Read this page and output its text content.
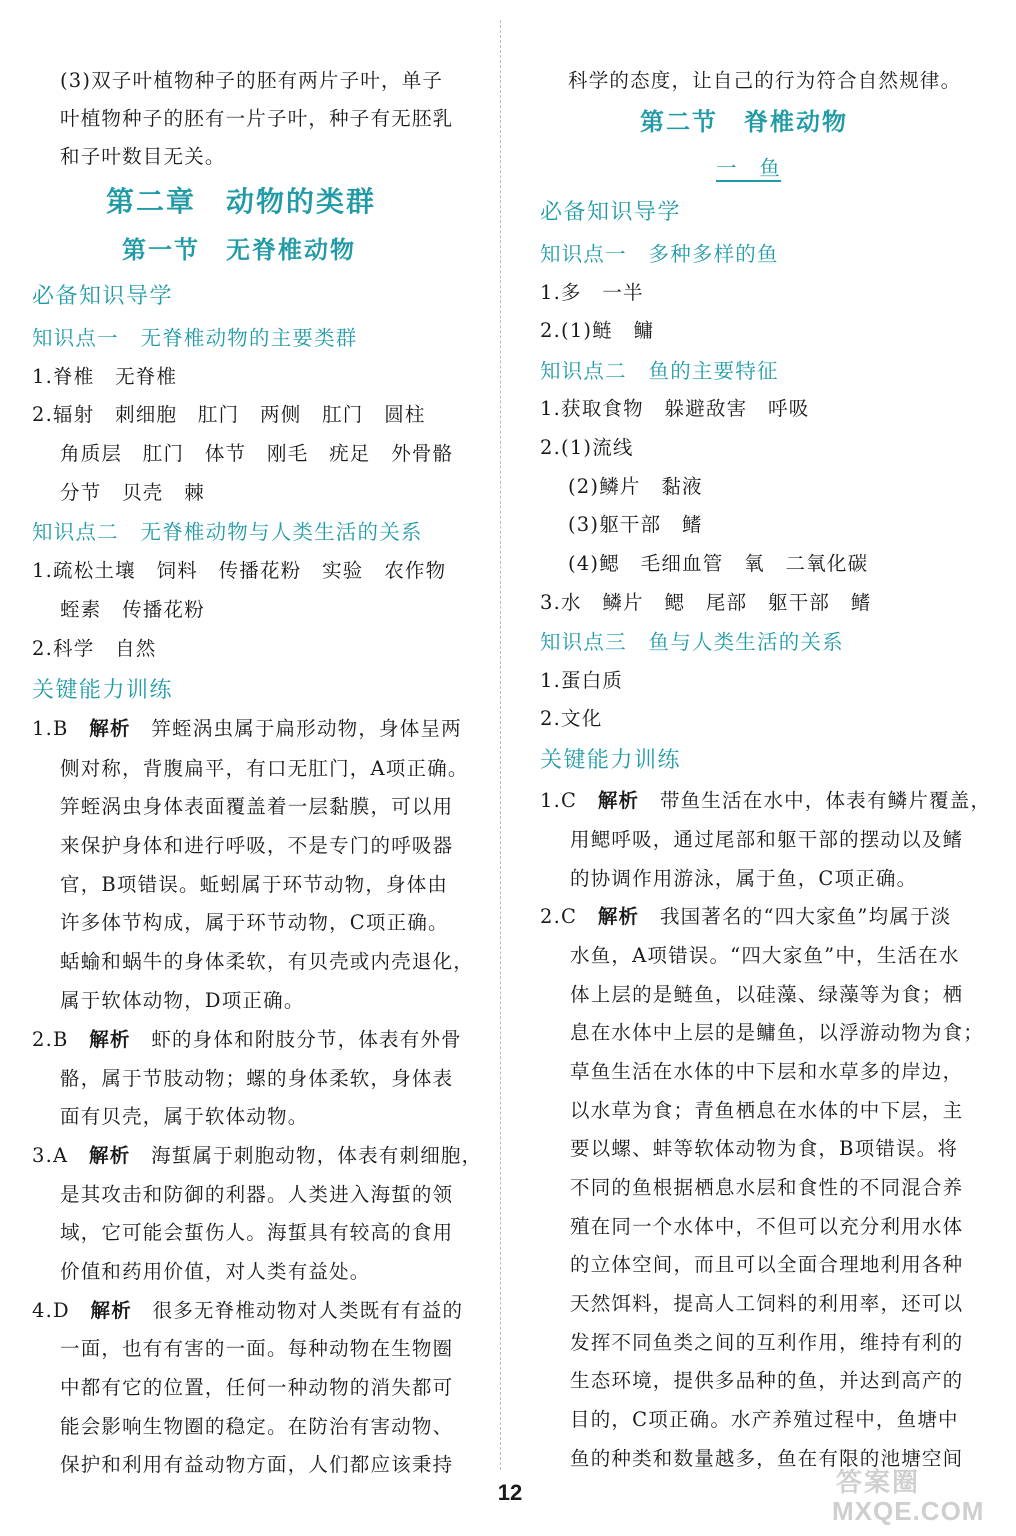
(3)双子叶植物种子的胚有两片子叶，单子
叶植物种子的胚有一片子叶，种子有无胚乳
和子叶数目无关。
第二章　动物的类群
第一节　无脊椎动物
必备知识导学
知识点一　无脊椎动物的主要类群
1.脊椎　无脊椎
2.辐射　刺细胞　肛门　两侧　肛门　圆柱
角质层　肛门　体节　刚毛　疣足　外骨骼
分节　贝壳　棘
知识点二　无脊椎动物与人类生活的关系
1.疏松土壤　饲料　传播花粉　实验　农作物
蛭素　传播花粉
2.科学　自然
关键能力训练
1.B　 解析　 笄蛭涡虫属于扁形动物，身体呈两
侧对称，背腹扁平，有口无肛门，A项正确。
笄蛭涡虫身体表面覆盖着一层黏膜，可以用
来保护身体和进行呼吸，不是专门的呼吸器
官，B项错误。蚯蚓属于环节动物，身体由
许多体节构成，属于环节动物，C项正确。
蛞蝓和蜗牛的身体柔软，有贝壳或内壳退化，
属于软体动物，D项正确。
2.B　 解析　 虾的身体和附肢分节，体表有外骨
骼，属于节肢动物；螺的身体柔软，身体表
面有贝壳，属于软体动物。
3.A　 解析　 海蜇属于刺胞动物，体表有刺细胞，
是其攻击和防御的利器。人类进入海蜇的领
域，它可能会蜇伤人。海蜇具有较高的食用
价值和药用价值，对人类有益处。
4.D　 解析　 很多无脊椎动物对人类既有有益的
一面，也有有害的一面。每种动物在生物圈
中都有它的位置，任何一种动物的消失都可
能会影响生物圈的稳定。在防治有害动物、
保护和利用有益动物方面，人们都应该秉持
科学的态度，让自己的行为符合自然规律。
第二节　脊椎动物
一　鱼
必备知识导学
知识点一　多种多样的鱼
1.多　一半
2.(1)鲢　鳙
知识点二　鱼的主要特征
1.获取食物　躲避敌害　呼吸
2.(1)流线
(2)鳞片　黏液
(3)躯干部　鳍
(4)鳃　毛细血管　氧　二氧化碳
3.水　鳞片　鳃　尾部　躯干部　鳍
知识点三　鱼与人类生活的关系
1.蛋白质
2.文化
关键能力训练
1.C　 解析　 带鱼生活在水中，体表有鳞片覆盖，
用鳃呼吸，通过尾部和躯干部的摆动以及鳍
的协调作用游泳，属于鱼，C项正确。
2.C　 解析　 我国著名的“四大家鱼”均属于淡
水鱼，A项错误。“四大家鱼”中，生活在水
体上层的是鲢鱼，以硅藻、绿藻等为食；栖
息在水体中上层的是鳙鱼，以浮游动物为食；
草鱼生活在水体的中下层和水草多的岸边，
以水草为食；青鱼栖息在水体的中下层，主
要以螺、蚌等软体动物为食，B项错误。将
不同的鱼根据栖息水层和食性的不同混合养
殖在同一个水体中，不但可以充分利用水体
的立体空间，而且可以全面合理地利用各种
天然饵料，提高人工饲料的利用率，还可以
发挥不同鱼类之间的互利作用，维持有利的
生态环境，提供多品种的鱼，并达到高产的
目的，C项正确。水产养殖过程中，鱼塘中
鱼的种类和数量越多，鱼在有限的池塘空间
12	答案圈
MXQE.COM
